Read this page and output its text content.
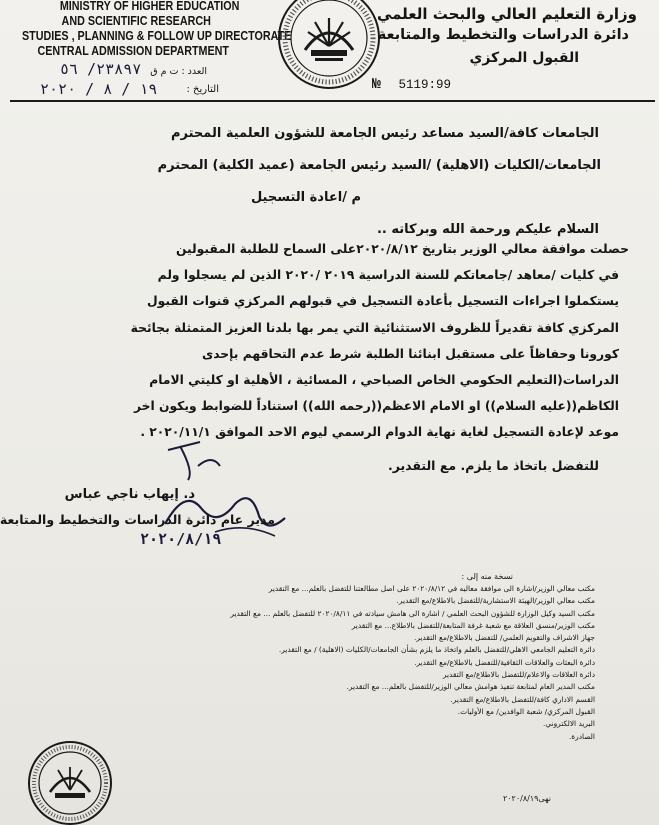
MINISTRY OF HIGHER EDUCATION
AND SCIENTIFIC RESEARCH
STUDIES , PLANNING & FOLLOW UP DIRECTORATE
CENTRAL ADMISSION DEPARTMENT
العدد : ت م ق
٢٣٨٩٧/ ٥٦
التاريخ :
١٩ / ٨ / ٢٠٢٠
وزارة التعليم العالي والبحث العلمي
دائرة الدراسات والتخطيط والمتابعة
القبول المركزي
№ 5119:99
الجامعات كافة/السيد مساعد رئيس الجامعة للشؤون العلمية المحترم
الجامعات/الكليات (الاهلية) /السيد رئيس الجامعة (عميد الكلية) المحترم
م /اعادة التسجيل
السلام عليكم ورحمة الله وبركاته ..
حصلت موافقة معالي الوزير بتاريخ ٢٠٢٠/٨/١٢على السماح للطلبة المقبولين
في كليات /معاهد /جامعاتكم للسنة الدراسية ٢٠١٩ /٢٠٢٠ الذين لم يسجلوا ولم
يستكملوا اجراءات التسجيل بأعادة التسجيل في قبولهم المركزي قنوات القبول
المركزي كافة تقديراً للظروف الاستثنائية التي يمر بها بلدنا العزيز المتمثلة بجائحة
كورونا وحفاظاً على مستقبل ابنائنا الطلبة شرط عدم التحاقهم بإحدى
الدراسات(التعليم الحكومي الخاص الصباحي ، المسائية ، الأهلية او كليتي الامام
الكاظم((عليه السلام)) او الامام الاعظم((رحمه الله)) استناداً للضوابط ويكون اخر
موعد لإعادة التسجيل لغاية نهاية الدوام الرسمي ليوم الاحد الموافق ٢٠٢٠/١١/١ .
للتفضل باتخاذ ما يلزم. مع التقدير.
د. إيهاب ناجي عباس
مدير عام دائرة الدراسات والتخطيط والمتابعة
٢٠٢٠/٨/١٩
نسخة منه إلى :
مكتب معالي الوزير/اشارة الى موافقة معاليه في ٢٠٢٠/٨/١٢ على اصل مطالعتنا للتفضل بالعلم... مع التقدير
مكتب معالي الوزير/الهيئة الاستشارية/للتفضل بالاطلاع/مع التقدير.
مكتب السيد وكيل الوزارة للشؤون البحث العلمي / اشارة الى هامش سيادته في ٢٠٢٠/٨/١١ للتفضل بالعلم ... مع التقدير
مكتب الوزير/منسق العلاقة مع شعبة غرفة المتابعة/للتفضل بالاطلاع... مع التقدير
جهاز الاشراف والتقويم العلمي/ للتفضل بالاطلاع/مع التقدير.
دائرة التعليم الجامعي الاهلي/للتفضل بالعلم واتخاذ ما يلزم بشأن الجامعات/الكليات (الاهلية) / مع التقدير.
دائرة البعثات والعلاقات الثقافية/للتفضل بالاطلاع/مع التقدير.
دائرة العلاقات والاعلام/للتفضل بالاطلاع/مع التقدير
مكتب المدير العام لمتابعة تنفيذ هوامش معالي الوزير/للتفضل بالعلم... مع التقدير.
القسم الاداري كافة/للتفضل بالاطلاع/مع التقدير.
القبول المركزي/ شعبة الوافدين/ مع الأوليات.
البريد الالكتروني.
الصادرة.
نهى٢٠٢٠/٨/١٩
